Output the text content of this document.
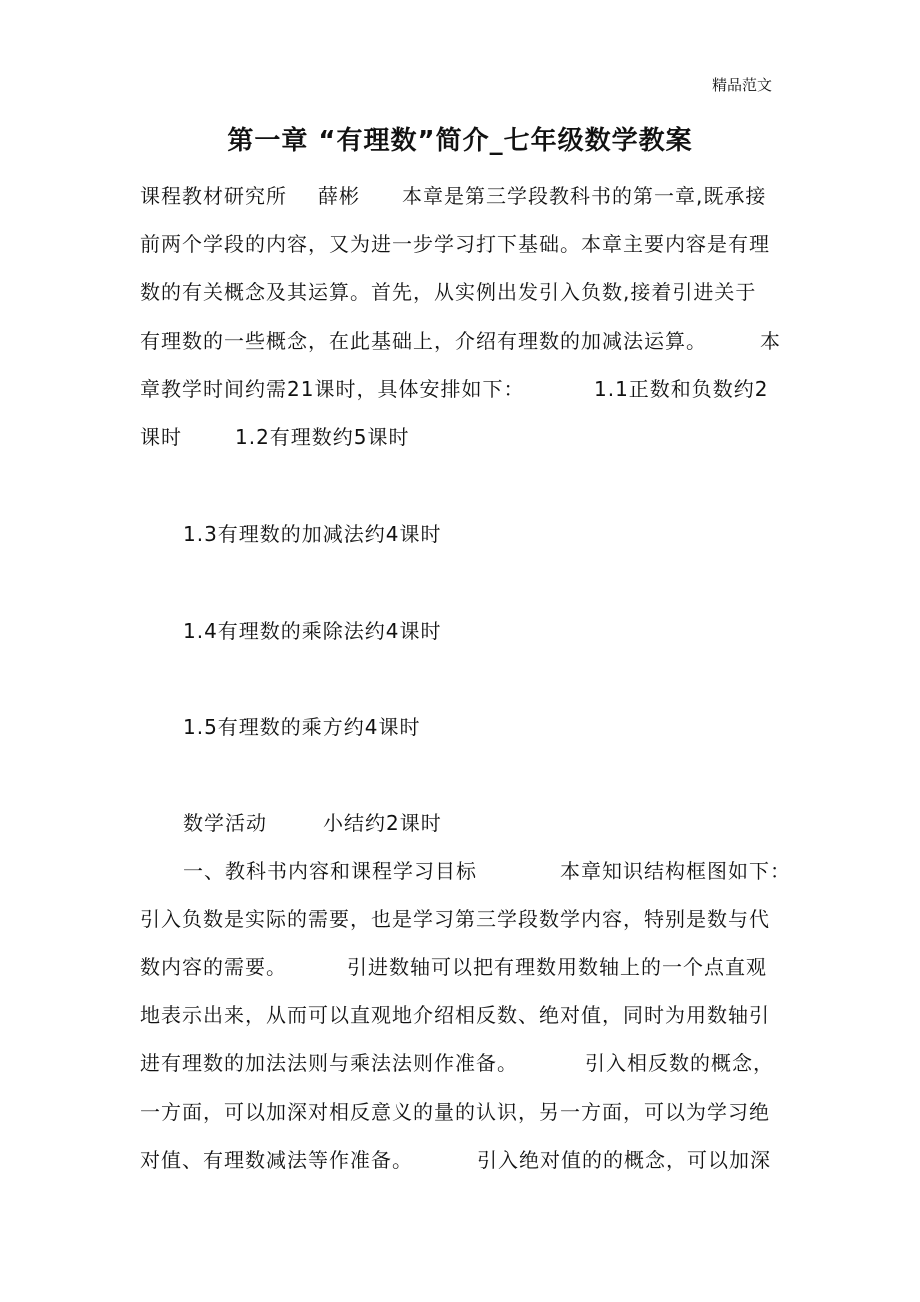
精品范文
第一章 “有理数”简介_七年级数学教案
课程教材研究所 薛彬 本章是第三学段教科书的第一章,既承接
前两个学段的内容，又为进一步学习打下基础。本章主要内容是有理
数的有关概念及其运算。首先，从实例出发引入负数,接着引进关于
有理数的一些概念，在此基础上，介绍有理数的加减法运算。	本
章教学时间约需21课时，具体安排如下：	1.1正数和负数约2
课时	1.2有理数约5课时
1.3有理数的加减法约4课时
1.4有理数的乘除法约4课时
1.5有理数的乘方约4课时
数学活动	小结约2课时
一、教科书内容和课程学习目标	本章知识结构框图如下：
引入负数是实际的需要，也是学习第三学段数学内容，特别是数与代
数内容的需要。	引进数轴可以把有理数用数轴上的一个点直观
地表示出来，从而可以直观地介绍相反数、绝对值，同时为用数轴引
进有理数的加法法则与乘法法则作准备。	引入相反数的概念，
一方面，可以加深对相反意义的量的认识，另一方面，可以为学习绝
对值、有理数减法等作准备。	引入绝对值的的概念，可以加深
